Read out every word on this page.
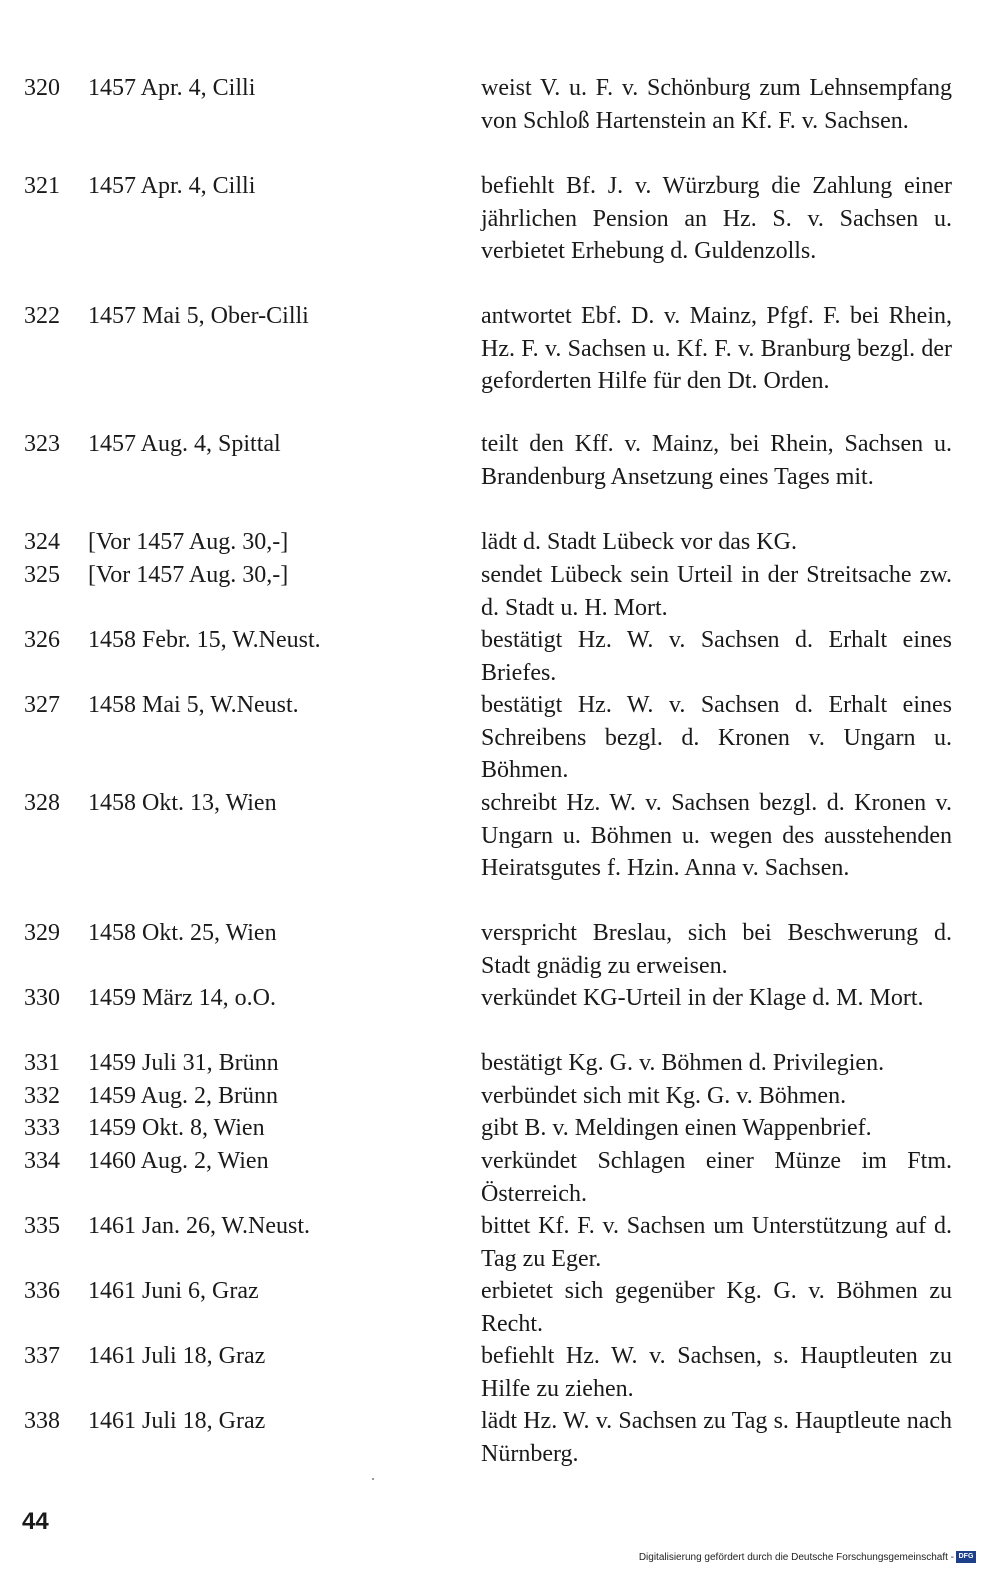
320 1457 Apr. 4, Cilli	weist V. u. F. v. Schönburg zum Lehnsempfang von Schloß Hartenstein an Kf. F. v. Sachsen.
321 1457 Apr. 4, Cilli	befiehlt Bf. J. v. Würzburg die Zahlung einer jährlichen Pension an Hz. S. v. Sachsen u. verbietet Erhebung d. Guldenzolls.
322 1457 Mai 5, Ober-Cilli	antwortet Ebf. D. v. Mainz, Pfgf. F. bei Rhein, Hz. F. v. Sachsen u. Kf. F. v. Branburg bezgl. der geforderten Hilfe für den Dt. Orden.
323 1457 Aug. 4, Spittal	teilt den Kff. v. Mainz, bei Rhein, Sachsen u. Brandenburg Ansetzung eines Tages mit.
324 [Vor 1457 Aug. 30,-]	lädt d. Stadt Lübeck vor das KG.
325 [Vor 1457 Aug. 30,-]	sendet Lübeck sein Urteil in der Streitsache zw. d. Stadt u. H. Mort.
326 1458 Febr. 15, W.Neust.	bestätigt Hz. W. v. Sachsen d. Erhalt eines Briefes.
327 1458 Mai 5, W.Neust.	bestätigt Hz. W. v. Sachsen d. Erhalt eines Schreibens bezgl. d. Kronen v. Ungarn u. Böhmen.
328 1458 Okt. 13, Wien	schreibt Hz. W. v. Sachsen bezgl. d. Kronen v. Ungarn u. Böhmen u. wegen des ausstehenden Heiratsgutes f. Hzin. Anna v. Sachsen.
329 1458 Okt. 25, Wien	verspricht Breslau, sich bei Beschwerung d. Stadt gnädig zu erweisen.
330 1459 März 14, o.O.	verkündet KG-Urteil in der Klage d. M. Mort.
331 1459 Juli 31, Brünn	bestätigt Kg. G. v. Böhmen d. Privilegien.
332 1459 Aug. 2, Brünn	verbündet sich mit Kg. G. v. Böhmen.
333 1459 Okt. 8, Wien	gibt B. v. Meldingen einen Wappenbrief.
334 1460 Aug. 2, Wien	verkündet Schlagen einer Münze im Ftm. Österreich.
335 1461 Jan. 26, W.Neust.	bittet Kf. F. v. Sachsen um Unterstützung auf d. Tag zu Eger.
336 1461 Juni 6, Graz	erbietet sich gegenüber Kg. G. v. Böhmen zu Recht.
337 1461 Juli 18, Graz	befiehlt Hz. W. v. Sachsen, s. Hauptleuten zu Hilfe zu ziehen.
338 1461 Juli 18, Graz	lädt Hz. W. v. Sachsen zu Tag s. Hauptleute nach Nürnberg.
44
Digitalisierung gefördert durch die Deutsche Forschungsgemeinschaft - DFG
